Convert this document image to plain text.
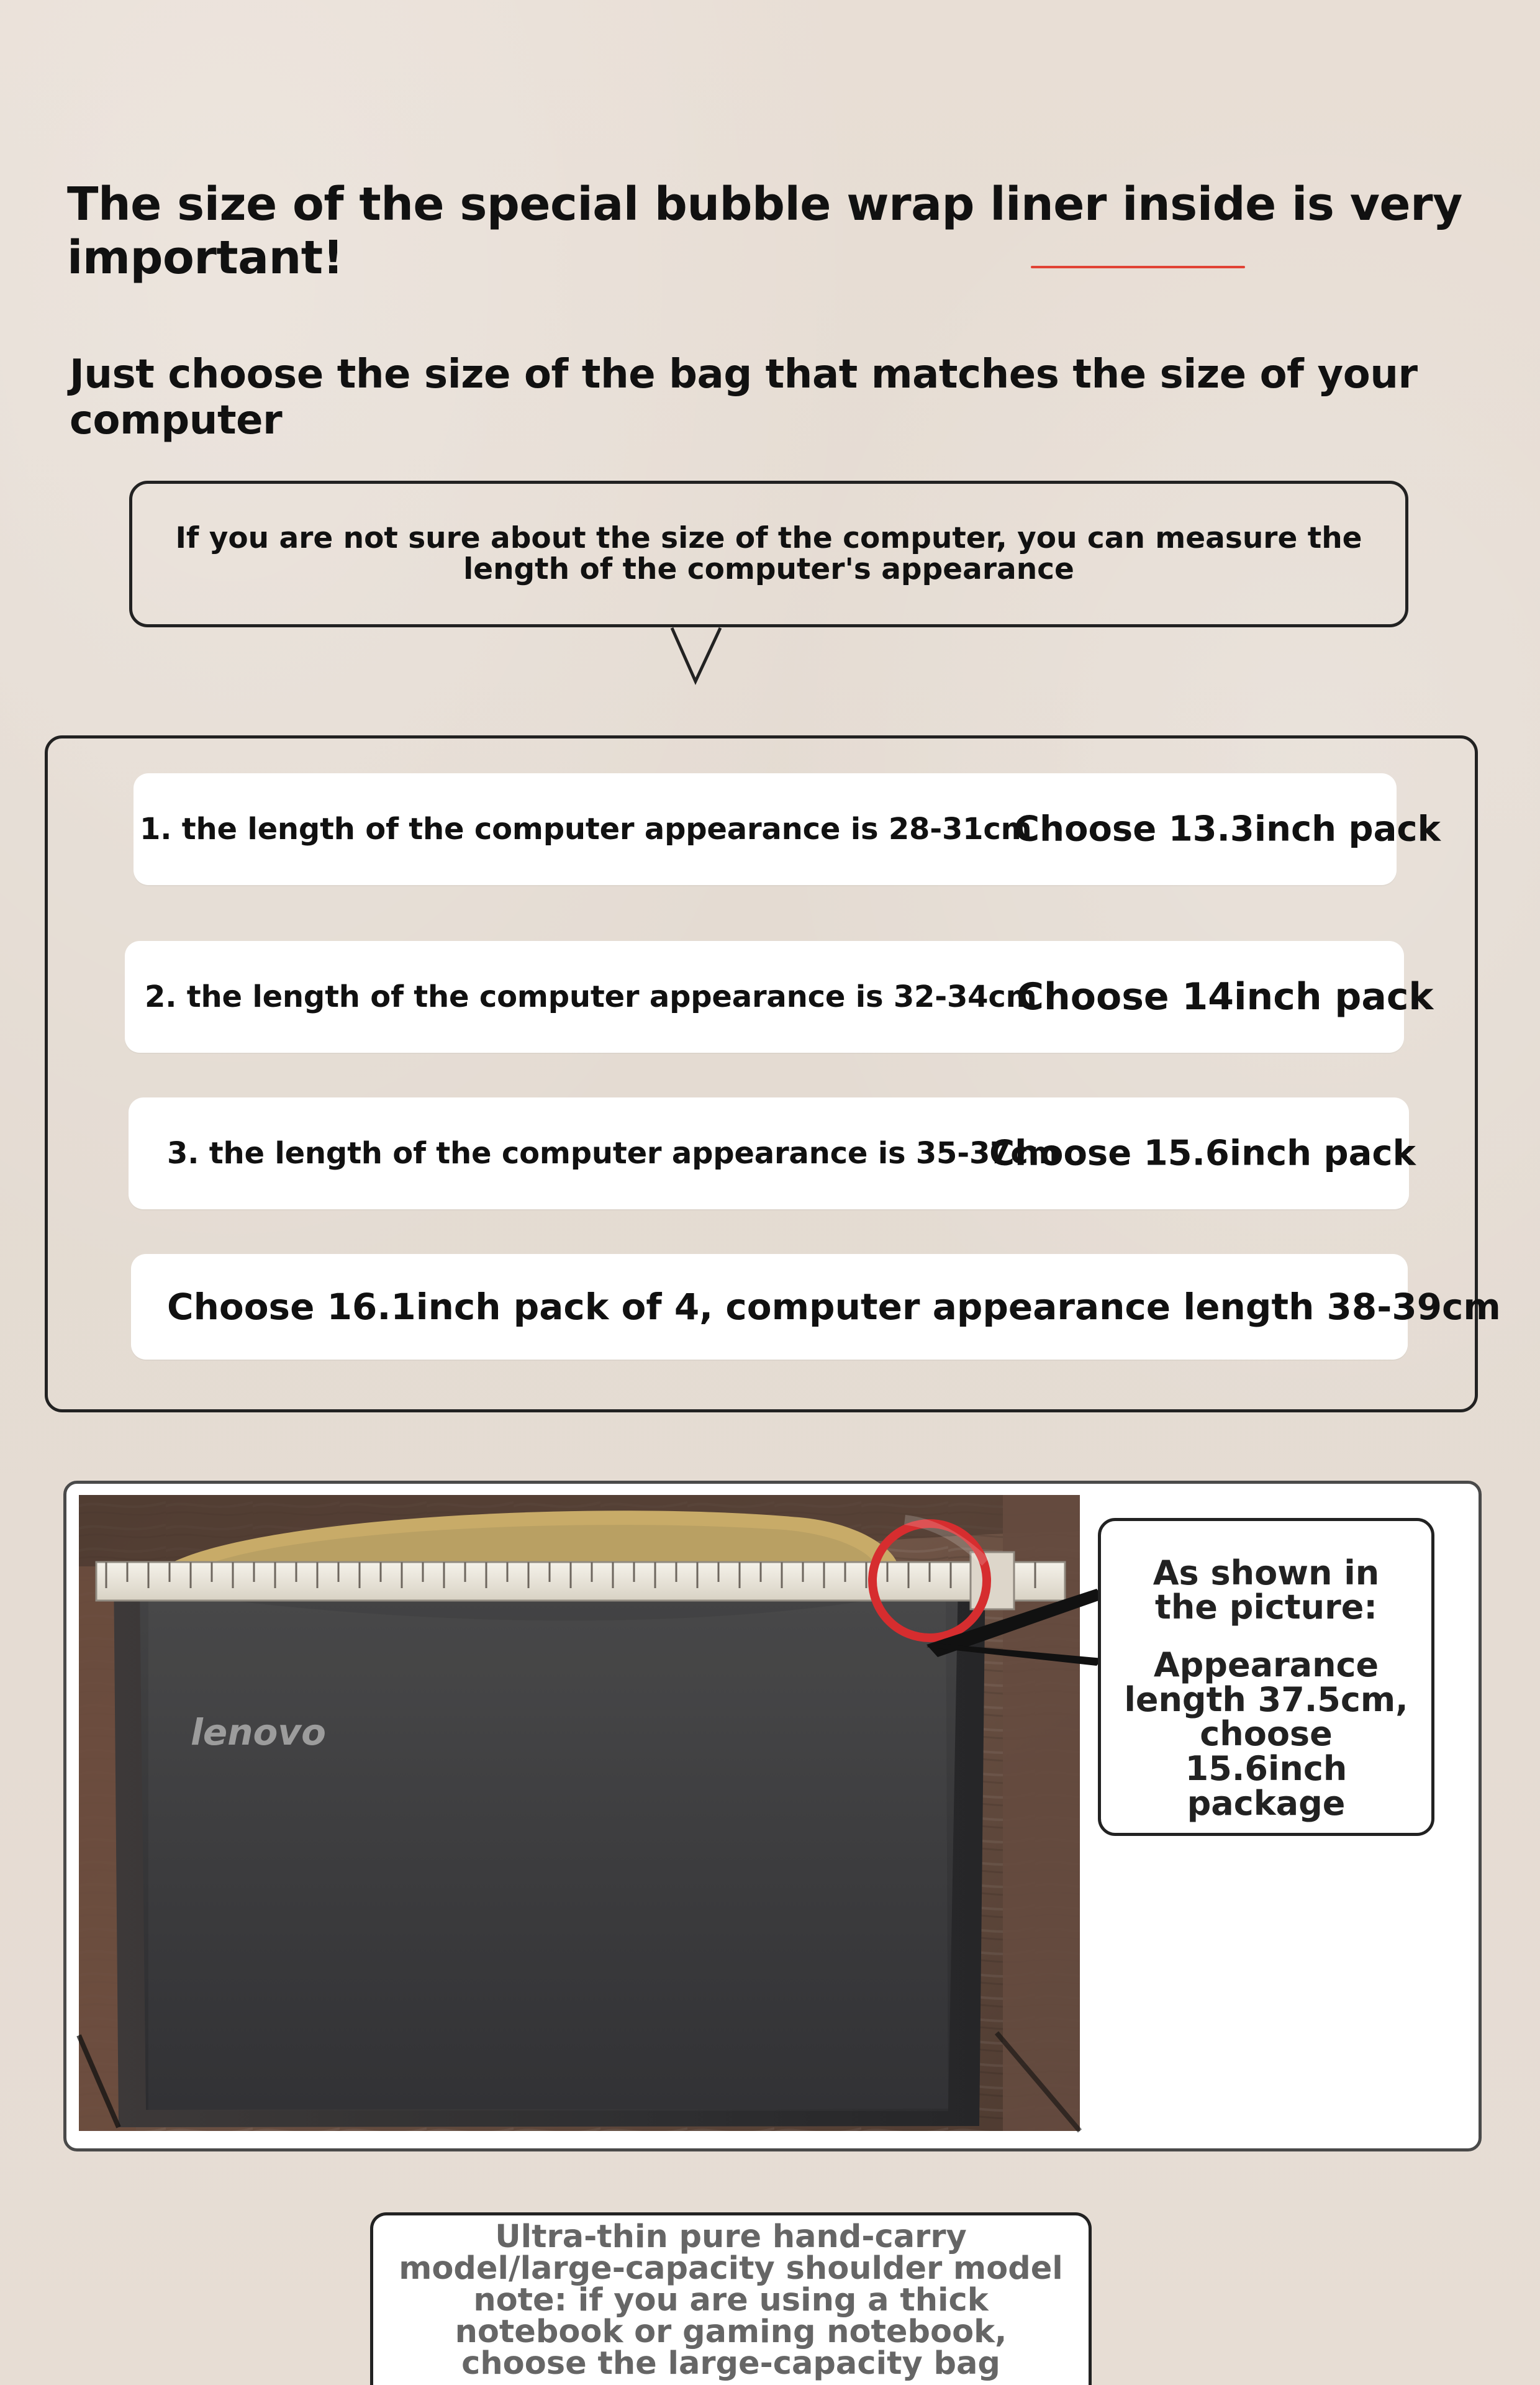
The size of the special bubble wrap liner inside is very important!
Just choose the size of the bag that matches the size of your computer
If you are not sure about the size of the computer, you can measure the length of the computer's appearance
1. the length of the computer appearance is 28-31cm
Choose 13.3inch pack
2. the length of the computer appearance is 32-34cm
Choose 14inch pack
3. the length of the computer appearance is 35-37cm
Choose 15.6inch pack
Choose 16.1inch pack of 4, computer appearance length 38-39cm
lenovo
As shown in the picture:
Appearance length 37.5cm, choose 15.6inch package
Ultra-thin pure hand-carry model/large-capacity shoulder model note: if you are using a thick notebook or gaming notebook, choose the large-capacity bag
